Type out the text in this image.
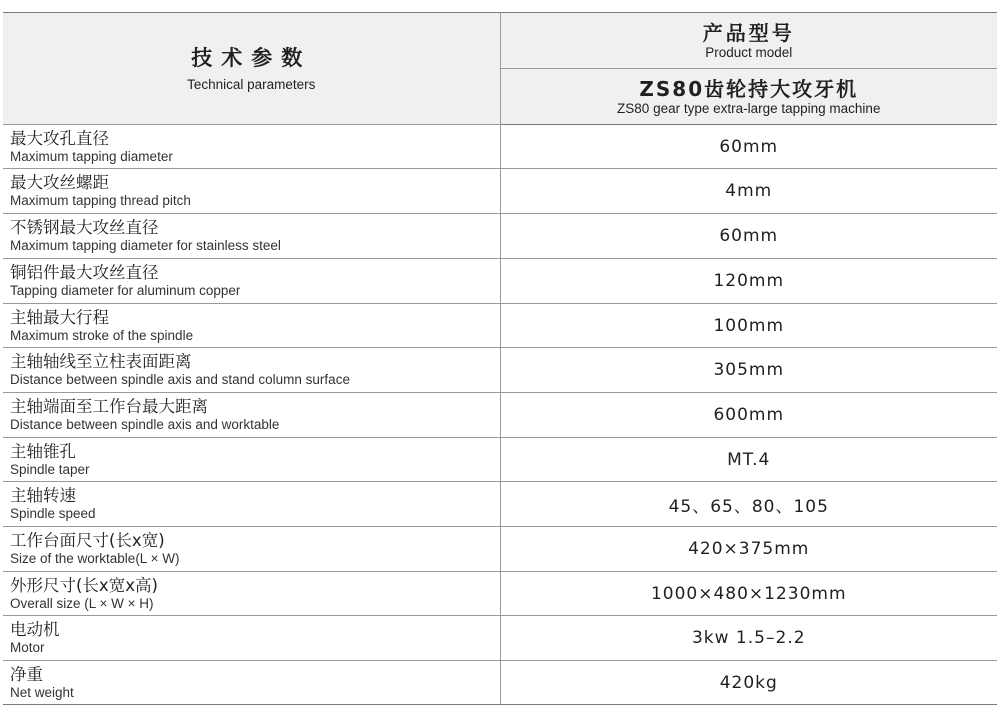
技术参数
Technical parameters	产品型号
Product model

	ZS80齿轮持大攻牙机
ZS80 gear type extra-large tapping machine

最大攻孔直径
Maximum tapping diameter	60mm

最大攻丝螺距
Maximum tapping thread pitch	4mm

不锈钢最大攻丝直径
Maximum tapping diameter for stainless steel	60mm

铜铝件最大攻丝直径
Tapping diameter for aluminum copper	120mm

主轴最大行程
Maximum stroke of the spindle	100mm

主轴轴线至立柱表面距离
Distance between spindle axis and stand column surface	305mm

主轴端面至工作台最大距离
Distance between spindle axis and worktable	600mm

主轴锥孔
Spindle taper	MT.4

主轴转速
Spindle speed	45、65、80、105

工作台面尺寸(长x宽)
Size of the worktable(L × W)	420×375mm

外形尺寸(长x宽x高)
Overall size (L × W × H)	1000×480×1230mm

电动机
Motor	3kw 1.5–2.2

净重
Net weight	420kg
